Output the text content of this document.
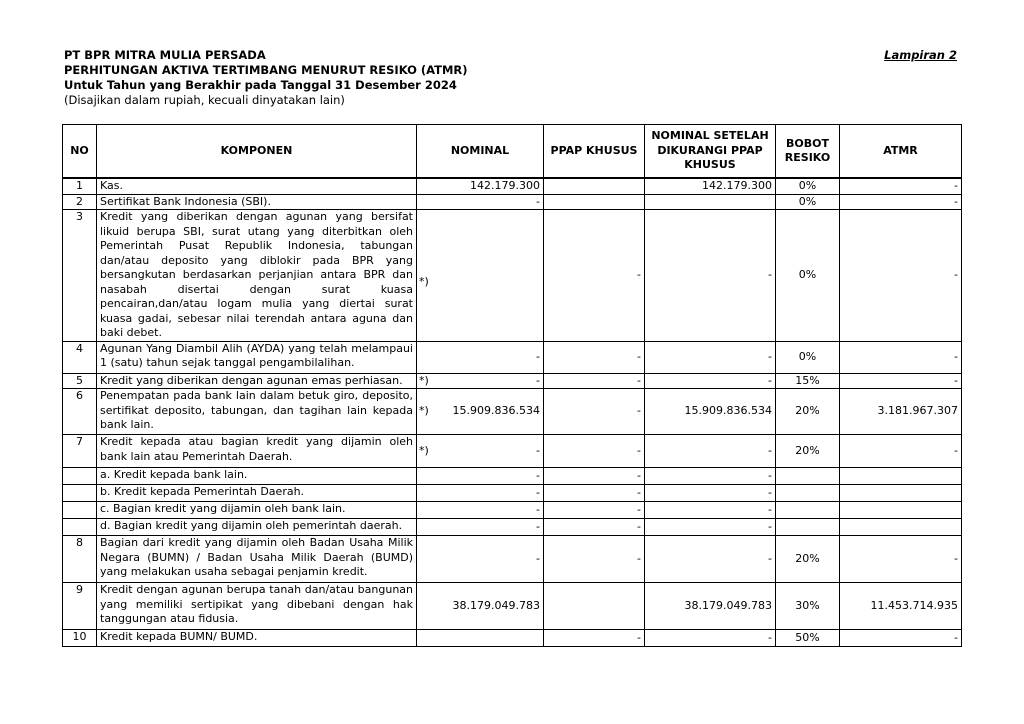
PT BPR MITRA MULIA PERSADA
PERHITUNGAN AKTIVA TERTIMBANG MENURUT RESIKO (ATMR)
Untuk Tahun yang Berakhir pada Tanggal 31 Desember 2024
(Disajikan dalam rupiah, kecuali dinyatakan lain)
Lampiran 2
NO	KOMPONEN	NOMINAL	PPAP KHUSUS	NOMINAL SETELAH DIKURANGI PPAP KHUSUS	BOBOT RESIKO	ATMR
1	Kas.	142.179.300		142.179.300	0%	-
2	Sertifikat Bank Indonesia (SBI).	-			0%	-
3	Kredit yang diberikan dengan agunan yang bersifat likuid berupa SBI, surat utang yang diterbitkan oleh Pemerintah Pusat Republik Indonesia, tabungan dan/atau deposito yang diblokir pada BPR yang bersangkutan berdasarkan perjanjian antara BPR dan nasabah disertai dengan surat kuasa pencairan,dan/atau logam mulia yang diertai surat kuasa gadai, sebesar nilai terendah antara aguna dan baki debet.	*)	-	-	0%	-
4	Agunan Yang Diambil Alih (AYDA) yang telah melampaui 1 (satu) tahun sejak tanggal pengambilalihan.	-	-	-	0%	-
5	Kredit yang diberikan dengan agunan emas perhiasan.	*) -	-	-	15%	-
6	Penempatan pada bank lain dalam betuk giro, deposito, sertifikat deposito, tabungan, dan tagihan lain kepada bank lain.	*) 15.909.836.534	-	15.909.836.534	20%	3.181.967.307
7	Kredit kepada atau bagian kredit yang dijamin oleh bank lain atau Pemerintah Daerah.	*) -	-	-	20%	-
	a. Kredit kepada bank lain.	-	-	-		
	b. Kredit kepada Pemerintah Daerah.	-	-	-		
	c. Bagian kredit yang dijamin oleh bank lain.	-	-	-		
	d. Bagian kredit yang dijamin oleh pemerintah daerah.	-	-	-		
8	Bagian dari kredit yang dijamin oleh Badan Usaha Milik Negara (BUMN) / Badan Usaha Milik Daerah (BUMD) yang melakukan usaha sebagai penjamin kredit.	-	-	-	20%	-
9	Kredit dengan agunan berupa tanah dan/atau bangunan yang memiliki sertipikat yang dibebani dengan hak tanggungan atau fidusia.	38.179.049.783		38.179.049.783	30%	11.453.714.935
10	Kredit kepada BUMN/ BUMD.		-	-	50%	-
